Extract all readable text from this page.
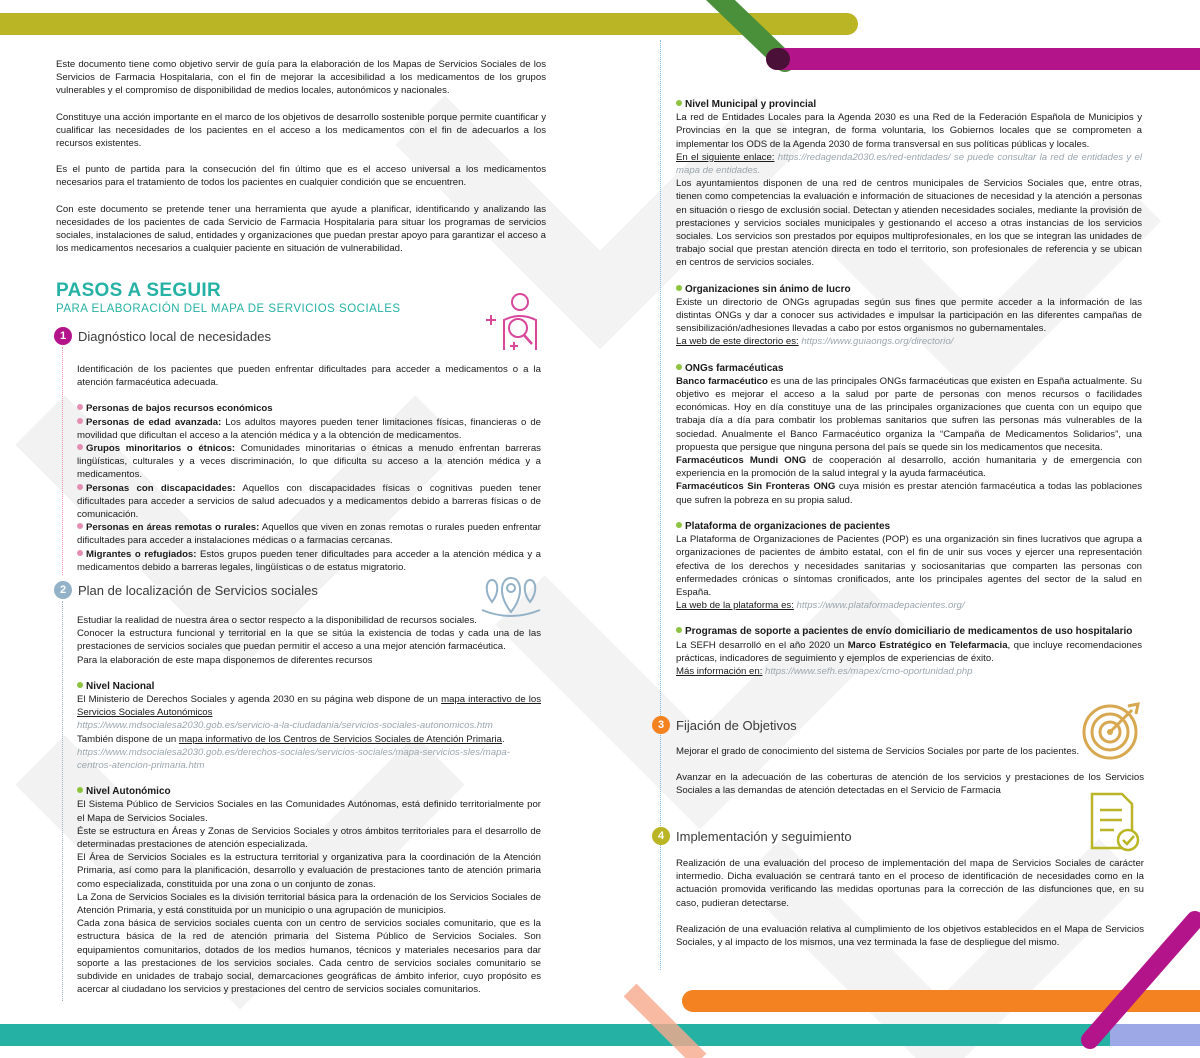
Este documento tiene como objetivo servir de guía para la elaboración de los Mapas de Servicios Sociales de los Servicios de Farmacia Hospitalaria, con el fin de mejorar la accesibilidad a los medicamentos de los grupos vulnerables y el compromiso de disponibilidad de medios locales, autonómicos y nacionales.

Constituye una acción importante en el marco de los objetivos de desarrollo sostenible porque permite cuantificar y cualificar las necesidades de los pacientes en el acceso a los medicamentos con el fin de adecuarlos a los recursos existentes.

Es el punto de partida para la consecución del fin último que es el acceso universal a los medicamentos necesarios para el tratamiento de todos los pacientes en cualquier condición que se encuentren.

Con este documento se pretende tener una herramienta que ayude a planificar, identificando y analizando las necesidades de los pacientes de cada Servicio de Farmacia Hospitalaria para situar los programas de servicios sociales, instalaciones de salud, entidades y organizaciones que puedan prestar apoyo para garantizar el acceso a los medicamentos necesarios a cualquier paciente en situación de vulnerabilidad.

PASOS A SEGUIR
PARA ELABORACIÓN DEL MAPA DE SERVICIOS SOCIALES
1 Diagnóstico local de necesidades

Identificación de los pacientes que pueden enfrentar dificultades para acceder a medicamentos o a la atención farmacéutica adecuada.

Personas de bajos recursos económicos

Personas de edad avanzada: Los adultos mayores pueden tener limitaciones físicas, financieras o de movilidad que dificultan el acceso a la atención médica y a la obtención de medicamentos.

Grupos minoritarios o étnicos: Comunidades minoritarias o étnicas a menudo enfrentan barreras lingüísticas, culturales y a veces discriminación, lo que dificulta su acceso a la atención médica y a medicamentos.

Personas con discapacidades: Aquellos con discapacidades físicas o cognitivas pueden tener dificultades para acceder a servicios de salud adecuados y a medicamentos debido a barreras físicas o de comunicación.

Personas en áreas remotas o rurales: Aquellos que viven en zonas remotas o rurales pueden enfrentar dificultades para acceder a instalaciones médicas o a farmacias cercanas.

Migrantes o refugiados: Estos grupos pueden tener dificultades para acceder a la atención médica y a medicamentos debido a barreras legales, lingüísticas o de estatus migratorio.

2 Plan de localización de Servicios sociales

Estudiar la realidad de nuestra área o sector respecto a la disponibilidad de recursos sociales.

Conocer la estructura funcional y territorial en la que se sitúa la existencia de todas y cada una de las prestaciones de servicios sociales que puedan permitir el acceso a una mejor atención farmacéutica.

Para la elaboración de este mapa disponemos de diferentes recursos

Nivel Nacional

El Ministerio de Derechos Sociales y agenda 2030 en su página web dispone de un mapa interactivo de los Servicios Sociales Autonómicos

https://www.mdsocialesa2030.gob.es/servicio-a-la-ciudadania/servicios-sociales-autonomicos.htm

También dispone de un mapa informativo de los Centros de Servicios Sociales de Atención Primaria.

https://www.mdsocialesa2030.gob.es/derechos-sociales/servicios-sociales/mapa-servicios-sles/mapa-centros-atencion-primaria.htm

Nivel Autonómico

El Sistema Público de Servicios Sociales en las Comunidades Autónomas, está definido territorialmente por el Mapa de Servicios Sociales.

Éste se estructura en Áreas y Zonas de Servicios Sociales y otros ámbitos territoriales para el desarrollo de determinadas prestaciones de atención especializada.

El Área de Servicios Sociales es la estructura territorial y organizativa para la coordinación de la Atención Primaria, así como para la planificación, desarrollo y evaluación de prestaciones tanto de atención primaria como especializada, constituida por una zona o un conjunto de zonas.

La Zona de Servicios Sociales es la división territorial básica para la ordenación de los Servicios Sociales de Atención Primaria, y está constituida por un municipio o una agrupación de municipios.

Cada zona básica de servicios sociales cuenta con un centro de servicios sociales comunitario, que es la estructura básica de la red de atención primaria del Sistema Público de Servicios Sociales. Son equipamientos comunitarios, dotados de los medios humanos, técnicos y materiales necesarios para dar soporte a las prestaciones de los servicios sociales. Cada centro de servicios sociales comunitario se subdivide en unidades de trabajo social, demarcaciones geográficas de ámbito inferior, cuyo propósito es acercar al ciudadano los servicios y prestaciones del centro de servicios sociales comunitarios.

Nivel Municipal y provincial

La red de Entidades Locales para la Agenda 2030 es una Red de la Federación Española de Municipios y Provincias en la que se integran, de forma voluntaria, los Gobiernos locales que se comprometen a implementar los ODS de la Agenda 2030 de forma transversal en sus políticas públicas y locales.

En el siguiente enlace: https://redagenda2030.es/red-entidades/ se puede consultar la red de entidades y el mapa de entidades.

Los ayuntamientos disponen de una red de centros municipales de Servicios Sociales que, entre otras, tienen como competencias la evaluación e información de situaciones de necesidad y la atención a personas en situación o riesgo de exclusión social. Detectan y atienden necesidades sociales, mediante la provisión de prestaciones y servicios sociales municipales y gestionando el acceso a otras instancias de los servicios sociales. Los servicios son prestados por equipos multiprofesionales, en los que se integran las unidades de trabajo social que prestan atención directa en todo el territorio, son profesionales de referencia y se ubican en centros de servicios sociales.

Organizaciones sin ánimo de lucro

Existe un directorio de ONGs agrupadas según sus fines que permite acceder a la información de las distintas ONGs y dar a conocer sus actividades e impulsar la participación en las diferentes campañas de sensibilización/adhesiones llevadas a cabo por estos organismos no gubernamentales.

La web de este directorio es: https://www.guiaongs.org/directorio/

ONGs farmacéuticas

Banco farmacéutico es una de las principales ONGs farmacéuticas que existen en España actualmente. Su objetivo es mejorar el acceso a la salud por parte de personas con menos recursos o facilidades económicas. Hoy en día constituye una de las principales organizaciones que cuenta con un equipo que trabaja día a día para combatir los problemas sanitarios que sufren las personas más vulnerables de la sociedad. Anualmente el Banco Farmacéutico organiza la “Campaña de Medicamentos Solidarios”, una propuesta que persigue que ninguna persona del país se quede sin los medicamentos que necesita.

Farmacéuticos Mundi ONG de cooperación al desarrollo, acción humanitaria y de emergencia con experiencia en la promoción de la salud integral y la ayuda farmacéutica.

Farmacéuticos Sin Fronteras ONG cuya misión es prestar atención farmacéutica a todas las poblaciones que sufren la pobreza en su propia salud.

Plataforma de organizaciones de pacientes

La Plataforma de Organizaciones de Pacientes (POP) es una organización sin fines lucrativos que agrupa a organizaciones de pacientes de ámbito estatal, con el fin de unir sus voces y ejercer una representación efectiva de los derechos y necesidades sanitarias y sociosanitarias que comparten las personas con enfermedades crónicas o síntomas cronificados, ante los principales agentes del sector de la salud en España.

La web de la plataforma es: https://www.plataformadepacientes.org/

Programas de soporte a pacientes de envío domiciliario de medicamentos de uso hospitalario

La SEFH desarrolló en el año 2020 un Marco Estratégico en Telefarmacia, que incluye recomendaciones prácticas, indicadores de seguimiento y ejemplos de experiencias de éxito.

Más información en: https://www.sefh.es/mapex/cmo-oportunidad.php

3 Fijación de Objetivos

Mejorar el grado de conocimiento del sistema de Servicios Sociales por parte de los pacientes.

Avanzar en la adecuación de las coberturas de atención de los servicios y prestaciones de los Servicios Sociales a las demandas de atención detectadas en el Servicio de Farmacia

4 Implementación y seguimiento

Realización de una evaluación del proceso de implementación del mapa de Servicios Sociales de carácter intermedio. Dicha evaluación se centrará tanto en el proceso de identificación de necesidades como en la actuación promovida verificando las medidas oportunas para la corrección de las disfunciones que, en su caso, pudieran detectarse.

Realización de una evaluación relativa al cumplimiento de los objetivos establecidos en el Mapa de Servicios Sociales, y al impacto de los mismos, una vez terminada la fase de despliegue del mismo.
